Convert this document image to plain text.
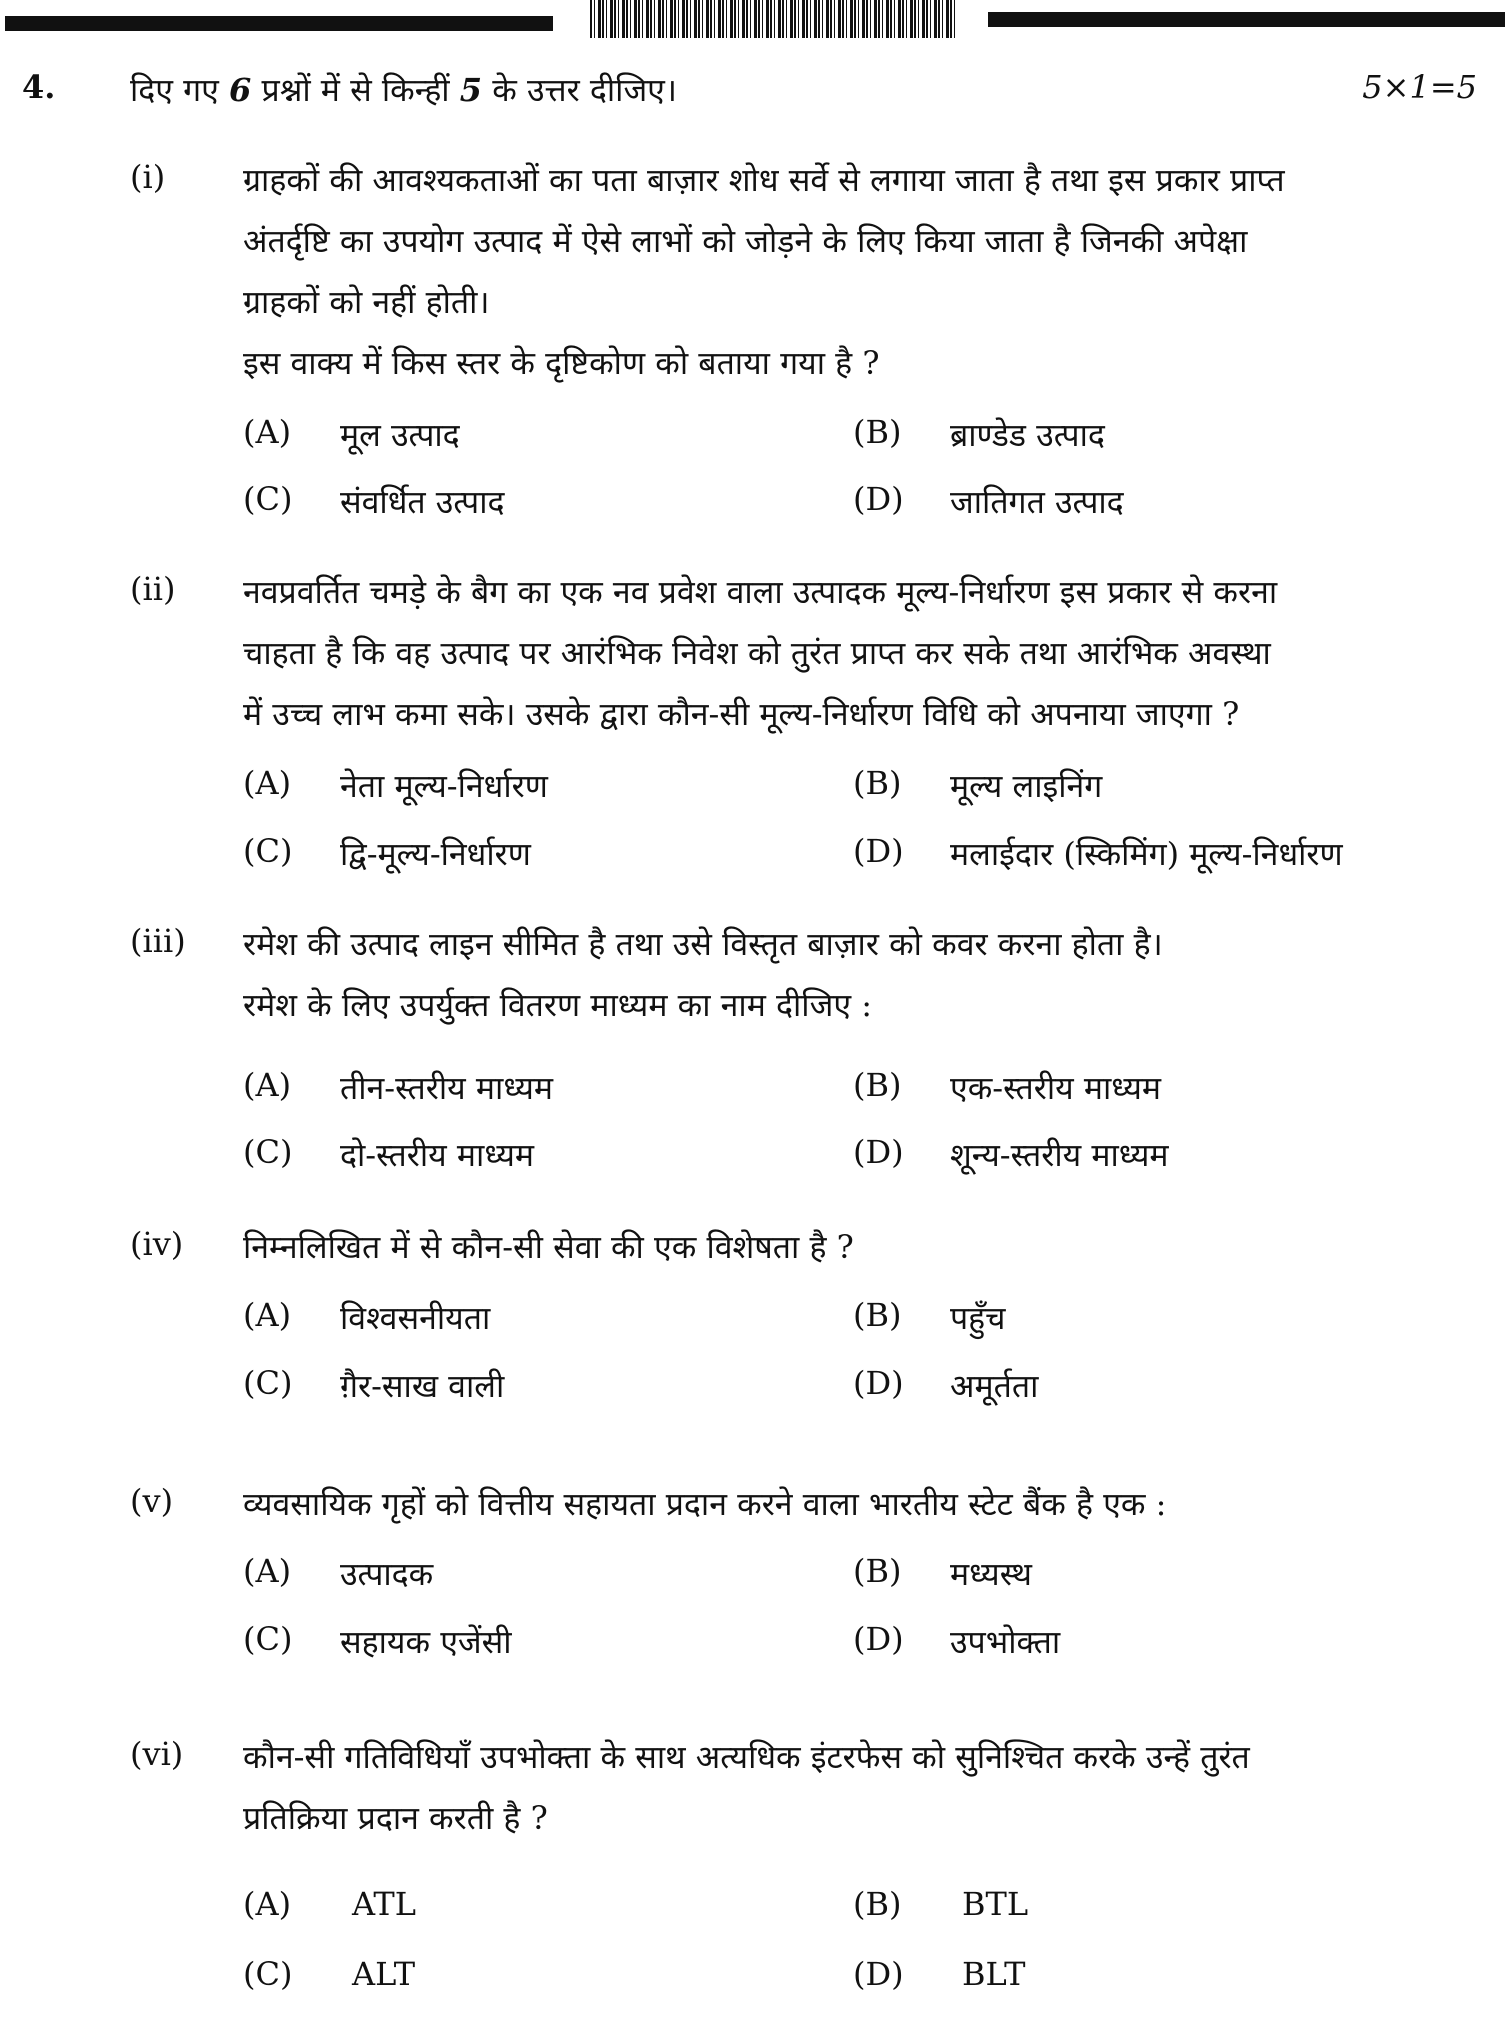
4. दिए गए 6 प्रश्नों में से किन्हीं 5 के उत्तर दीजिए।	5×1=5
(i) ग्राहकों की आवश्यकताओं का पता बाज़ार शोध सर्वे से लगाया जाता है तथा इस प्रकार प्राप्त
अंतर्दृष्टि का उपयोग उत्पाद में ऐसे लाभों को जोड़ने के लिए किया जाता है जिनकी अपेक्षा
ग्राहकों को नहीं होती।
इस वाक्य में किस स्तर के दृष्टिकोण को बताया गया है ?
(A) मूल उत्पाद	(B) ब्राण्डेड उत्पाद
(C) संवर्धित उत्पाद	(D) जातिगत उत्पाद
(ii) नवप्रवर्तित चमड़े के बैग का एक नव प्रवेश वाला उत्पादक मूल्य-निर्धारण इस प्रकार से करना
चाहता है कि वह उत्पाद पर आरंभिक निवेश को तुरंत प्राप्त कर सके तथा आरंभिक अवस्था
में उच्च लाभ कमा सके। उसके द्वारा कौन-सी मूल्य-निर्धारण विधि को अपनाया जाएगा ?
(A) नेता मूल्य-निर्धारण	(B) मूल्य लाइनिंग
(C) द्वि-मूल्य-निर्धारण	(D) मलाईदार (स्किमिंग) मूल्य-निर्धारण
(iii) रमेश की उत्पाद लाइन सीमित है तथा उसे विस्तृत बाज़ार को कवर करना होता है।
रमेश के लिए उपर्युक्त वितरण माध्यम का नाम दीजिए :
(A) तीन-स्तरीय माध्यम	(B) एक-स्तरीय माध्यम
(C) दो-स्तरीय माध्यम	(D) शून्य-स्तरीय माध्यम
(iv) निम्नलिखित में से कौन-सी सेवा की एक विशेषता है ?
(A) विश्वसनीयता	(B) पहुँच
(C) ग़ैर-साख वाली	(D) अमूर्तता
(v) व्यवसायिक गृहों को वित्तीय सहायता प्रदान करने वाला भारतीय स्टेट बैंक है एक :
(A) उत्पादक	(B) मध्यस्थ
(C) सहायक एजेंसी	(D) उपभोक्ता
(vi) कौन-सी गतिविधियाँ उपभोक्ता के साथ अत्यधिक इंटरफेस को सुनिश्चित करके उन्हें तुरंत
प्रतिक्रिया प्रदान करती है ?
(A) ATL	(B) BTL
(C) ALT	(D) BLT
